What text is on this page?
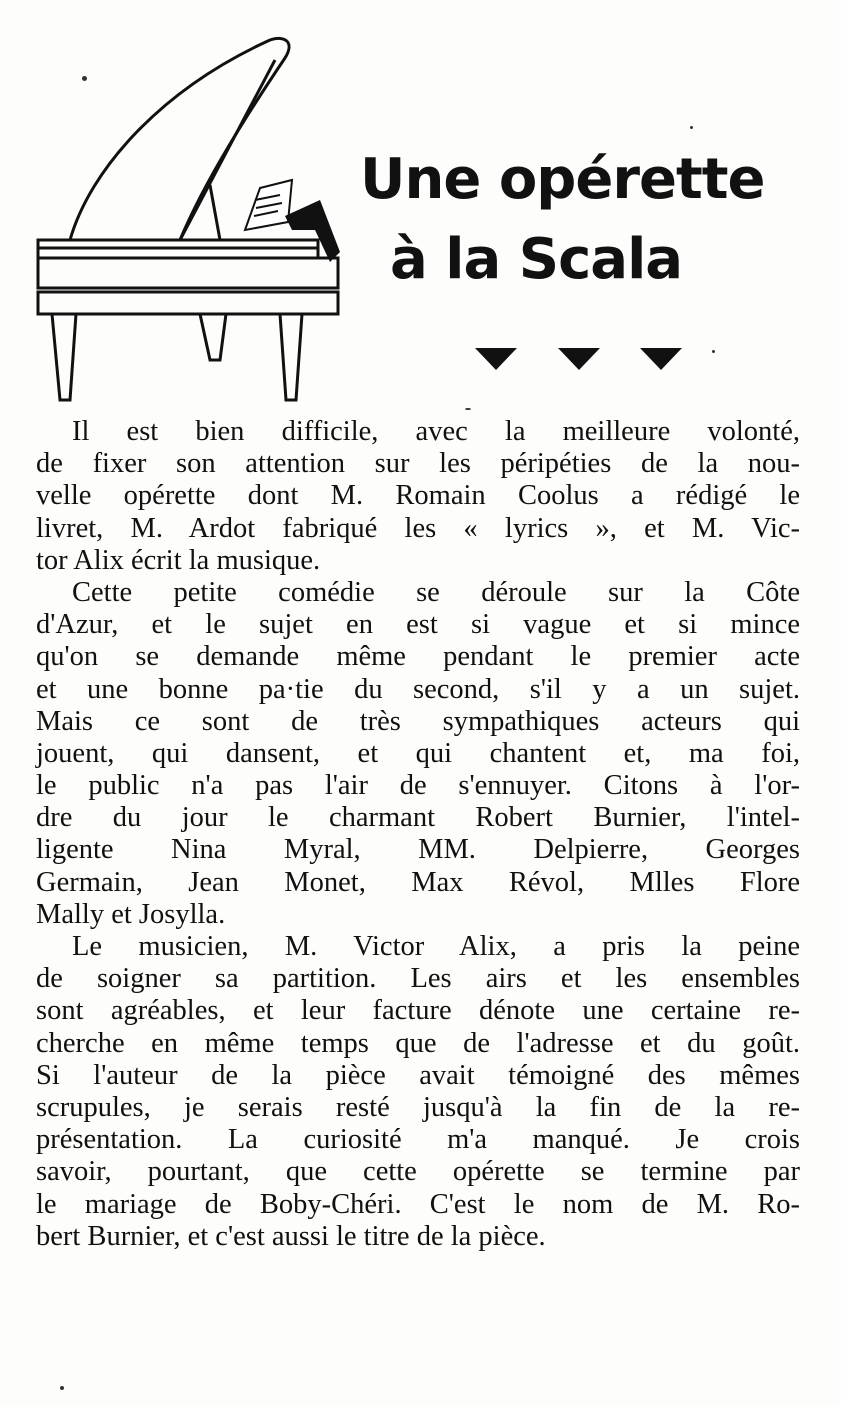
Une opérette
à la Scala
Il est bien difficile, avec la meilleure volonté,
de fixer son attention sur les péripéties de la nou-
velle opérette dont M. Romain Coolus a rédigé le
livret, M. Ardot fabriqué les « lyrics », et M. Vic-
tor Alix écrit la musique.
Cette petite comédie se déroule sur la Côte
d'Azur, et le sujet en est si vague et si mince
qu'on se demande même pendant le premier acte
et une bonne pa·tie du second, s'il y a un sujet.
Mais ce sont de très sympathiques acteurs qui
jouent, qui dansent, et qui chantent et, ma foi,
le public n'a pas l'air de s'ennuyer. Citons à l'or-
dre du jour le charmant Robert Burnier, l'intel-
ligente Nina Myral, MM. Delpierre, Georges
Germain, Jean Monet, Max Révol, Mlles Flore
Mally et Josylla.
Le musicien, M. Victor Alix, a pris la peine
de soigner sa partition. Les airs et les ensembles
sont agréables, et leur facture dénote une certaine re-
cherche en même temps que de l'adresse et du goût.
Si l'auteur de la pièce avait témoigné des mêmes
scrupules, je serais resté jusqu'à la fin de la re-
présentation. La curiosité m'a manqué. Je crois
savoir, pourtant, que cette opérette se termine par
le mariage de Boby-Chéri. C'est le nom de M. Ro-
bert Burnier, et c'est aussi le titre de la pièce.
